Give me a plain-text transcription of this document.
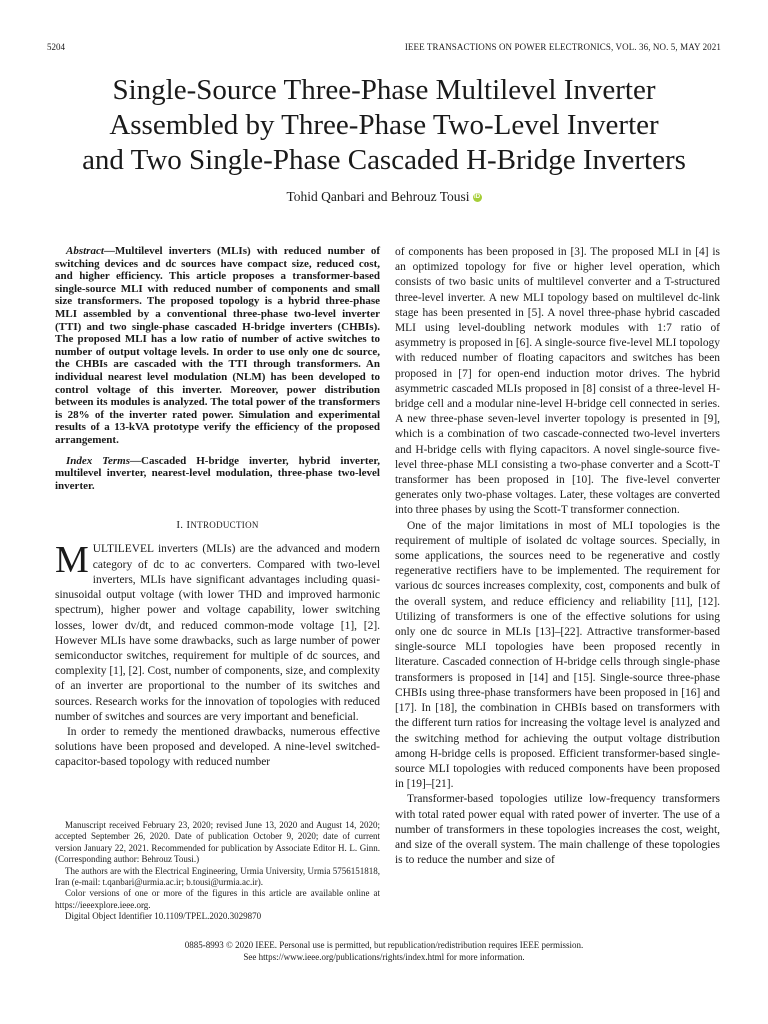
5204	IEEE TRANSACTIONS ON POWER ELECTRONICS, VOL. 36, NO. 5, MAY 2021
Single-Source Three-Phase Multilevel Inverter
Assembled by Three-Phase Two-Level Inverter
and Two Single-Phase Cascaded H-Bridge Inverters
Tohid Qanbari and Behrouz Tousi iD

Abstract—Multilevel inverters (MLIs) with reduced number of switching devices and dc sources have compact size, reduced cost, and higher efficiency. This article proposes a transformer-based single-source MLI with reduced number of components and small size transformers. The proposed topology is a hybrid three-phase MLI assembled by a conventional three-phase two-level inverter (TTI) and two single-phase cascaded H-bridge inverters (CHBIs). The proposed MLI has a low ratio of number of active switches to number of output voltage levels. In order to use only one dc source, the CHBIs are cascaded with the TTI through transformers. An individual nearest level modulation (NLM) has been developed to control voltage of this inverter. Moreover, power distribution between its modules is analyzed. The total power of the transformers is 28% of the inverter rated power. Simulation and experimental results of a 13-kVA prototype verify the efficiency of the proposed arrangement.

Index Terms—Cascaded H-bridge inverter, hybrid inverter, multilevel inverter, nearest-level modulation, three-phase two-level inverter.

I. INTRODUCTION

MULTILEVEL inverters (MLIs) are the advanced and modern category of dc to ac converters. Compared with two-level inverters, MLIs have significant advantages including quasi-sinusoidal output voltage (with lower THD and improved harmonic spectrum), higher power and voltage capability, lower switching losses, lower dv/dt, and reduced common-mode voltage [1], [2]. However MLIs have some drawbacks, such as large number of power semiconductor switches, requirement for multiple of dc sources, and complexity [1], [2]. Cost, number of components, size, and complexity of an inverter are proportional to the number of its switches and sources. Research works for the innovation of topologies with reduced number of switches and sources are very important and beneficial.

In order to remedy the mentioned drawbacks, numerous effective solutions have been proposed and developed. A nine-level switched-capacitor-based topology with reduced number

of components has been proposed in [3]. The proposed MLI in [4] is an optimized topology for five or higher level operation, which consists of two basic units of multilevel converter and a T-structured three-level inverter. A new MLI topology based on multilevel dc-link stage has been presented in [5]. A novel three-phase hybrid cascaded MLI using level-doubling network modules with 1:7 ratio of asymmetry is proposed in [6]. A single-source five-level MLI topology with reduced number of floating capacitors and switches has been proposed in [7] for open-end induction motor drives. The hybrid asymmetric cascaded MLIs proposed in [8] consist of a three-level H-bridge cell and a modular nine-level H-bridge cell connected in series. A new three-phase seven-level inverter topology is presented in [9], which is a combination of two cascade-connected two-level inverters and H-bridge cells with flying capacitors. A novel single-source five-level three-phase MLI consisting a two-phase converter and a Scott-T transformer has been proposed in [10]. The five-level converter generates only two-phase voltages. Later, these voltages are converted into three phases by using the Scott-T transformer connection.

One of the major limitations in most of MLI topologies is the requirement of multiple of isolated dc voltage sources. Specially, in some applications, the sources need to be regenerative and costly regenerative rectifiers have to be implemented. The requirement for various dc sources increases complexity, cost, components and bulk of the overall system, and reduce efficiency and reliability [11], [12]. Utilizing of transformers is one of the effective solutions for using only one dc source in MLIs [13]–[22]. Attractive transformer-based single-source MLI topologies have been proposed recently in literature. Cascaded connection of H-bridge cells through single-phase transformers is proposed in [14] and [15]. Single-source three-phase CHBIs using three-phase transformers have been proposed in [16] and [17]. In [18], the combination in CHBIs based on transformers with the different turn ratios for increasing the voltage level is analyzed and the switching method for achieving the output voltage distribution among H-bridge cells is proposed. Efficient transformer-based single-source MLI topologies with reduced components have been proposed in [19]–[21].

Transformer-based topologies utilize low-frequency transformers with total rated power equal with rated power of inverter. The use of a number of transformers in these topologies increases the cost, weight, and size of the overall system. The main challenge of these topologies is to reduce the number and size of

Manuscript received February 23, 2020; revised June 13, 2020 and August 14, 2020; accepted September 26, 2020. Date of publication October 9, 2020; date of current version January 22, 2021. Recommended for publication by Associate Editor H. L. Ginn. (Corresponding author: Behrouz Tousi.)

The authors are with the Electrical Engineering, Urmia University, Urmia 5756151818, Iran (e-mail: t.qanbari@urmia.ac.ir; b.tousi@urmia.ac.ir).

Color versions of one or more of the figures in this article are available online at https://ieeexplore.ieee.org.

Digital Object Identifier 10.1109/TPEL.2020.3029870

0885-8993 © 2020 IEEE. Personal use is permitted, but republication/redistribution requires IEEE permission.
See https://www.ieee.org/publications/rights/index.html for more information.
